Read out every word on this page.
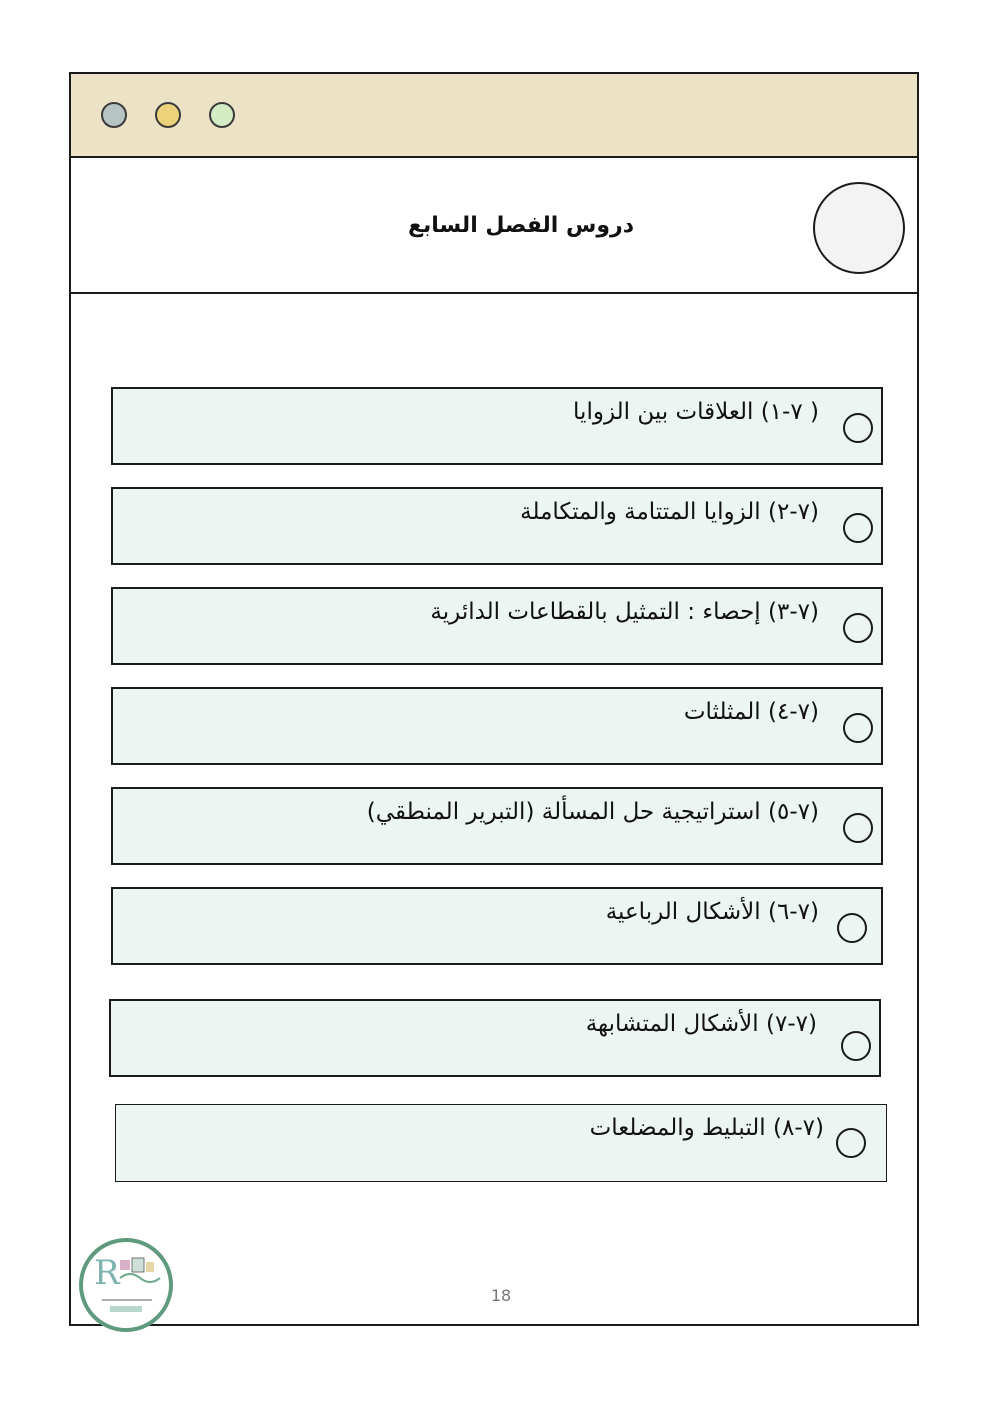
دروس الفصل السابع
( ٧-١) العلاقات بين الزوايا
(٧-٢) الزوايا المتتامة والمتكاملة
(٧-٣) إحصاء : التمثيل بالقطاعات الدائرية
(٧-٤) المثلثات
(٧-٥) استراتيجية حل المسألة (التبرير المنطقي)
(٧-٦) الأشكال الرباعية
(٧-٧) الأشكال المتشابهة
(٧-٨) التبليط والمضلعات
18
R
